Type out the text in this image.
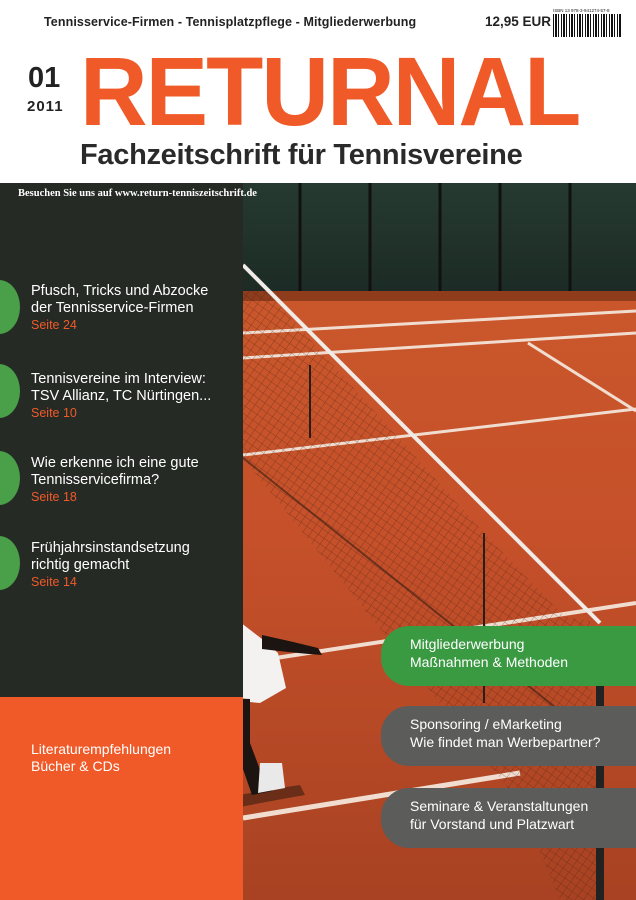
Tennisservice-Firmen - Tennisplatzpflege - Mitgliederwerbung	12,95 EUR
ISBN 13 978-3-941274-57-8
01
2011 RETURNAL
Fachzeitschrift für Tennisvereine
Besuchen Sie uns auf www.return-tenniszeitschrift.de
Pfusch, Tricks und Abzocke
der Tennisservice-Firmen
Seite 24
Tennisvereine im Interview:
TSV Allianz, TC Nürtingen...
Seite 10
Wie erkenne ich eine gute
Tennisservicefirma?
Seite 18
Frühjahrsinstandsetzung
richtig gemacht
Seite 14
Literaturempfehlungen
Bücher & CDs
Mitgliederwerbung
Maßnahmen & Methoden
Sponsoring / eMarketing
Wie findet man Werbepartner?
Seminare & Veranstaltungen
für Vorstand und Platzwart
